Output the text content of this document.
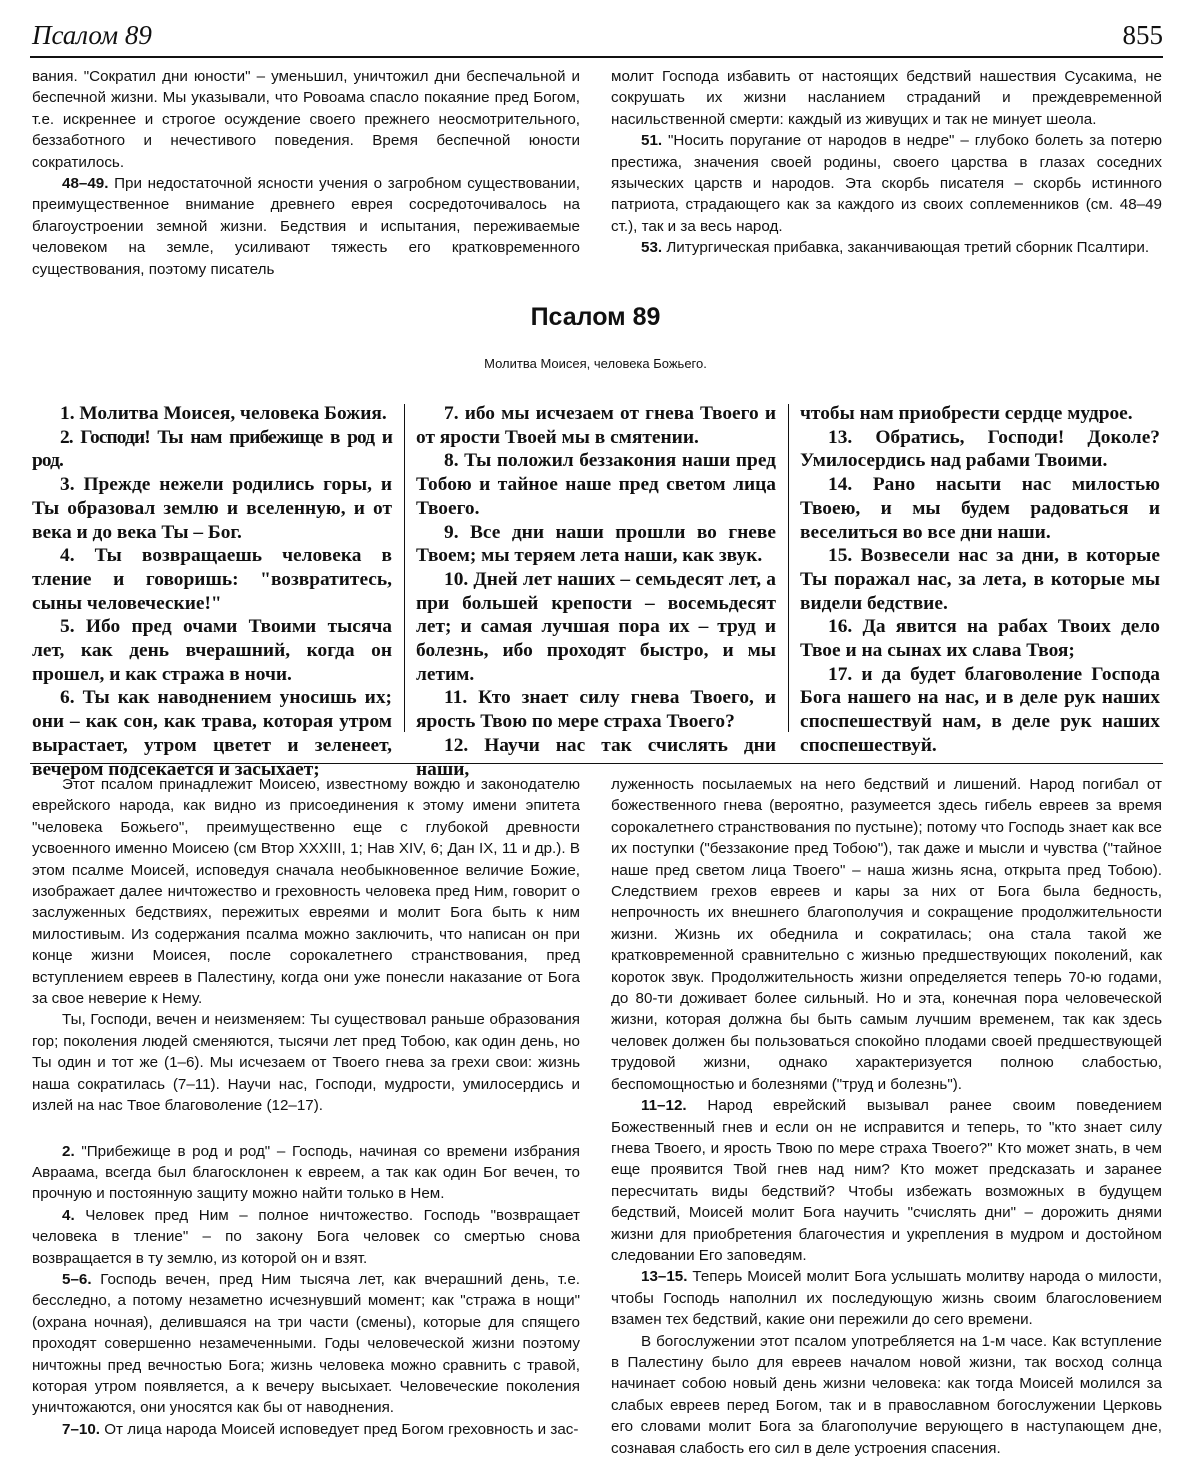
Псалом 89	855

вания. "Сократил дни юности" – уменьшил, уничтожил дни беспечальной и беспечной жизни. Мы указывали, что Ровоама спасло покаяние пред Богом, т.е. искреннее и строгое осуждение своего прежнего неосмотрительного, беззаботного и нечестивого поведения. Время беспечной юности сократилось.

48–49. При недостаточной ясности учения о загробном существовании, преимущественное внимание древнего еврея сосредоточивалось на благоустроении земной жизни. Бедствия и испытания, переживаемые человеком на земле, усиливают тяжесть его кратковременного существования, поэтому писатель

молит Господа избавить от настоящих бедствий нашествия Сусакима, не сокрушать их жизни насланием страданий и преждевременной насильственной смерти: каждый из живущих и так не минует шеола.

51. "Носить поругание от народов в недре" – глубоко болеть за потерю престижа, значения своей родины, своего царства в глазах соседних языческих царств и народов. Эта скорбь писателя – скорбь истинного патриота, страдающего как за каждого из своих соплеменников (см. 48–49 ст.), так и за весь народ.

53. Литургическая прибавка, заканчивающая третий сборник Псалтири.

Псалом 89
Молитва Моисея, человека Божьего.

1. Молитва Моисея, человека Божия.

2. Господи! Ты нам прибежище в род и род.

3. Прежде нежели родились горы, и Ты образовал землю и вселенную, и от века и до века Ты – Бог.

4. Ты возвращаешь человека в тление и говоришь: "возвратитесь, сыны человеческие!"

5. Ибо пред очами Твоими тысяча лет, как день вчерашний, когда он прошел, и как стража в ночи.

6. Ты как наводнением уносишь их; они – как сон, как трава, которая утром вырастает, утром цветет и зеленеет, вечером подсекается и засыхает;

7. ибо мы исчезаем от гнева Твоего и от ярости Твоей мы в смятении.

8. Ты положил беззакония наши пред Тобою и тайное наше пред светом лица Твоего.

9. Все дни наши прошли во гневе Твоем; мы теряем лета наши, как звук.

10. Дней лет наших – семьдесят лет, а при большей крепости – восемьдесят лет; и самая лучшая пора их – труд и болезнь, ибо проходят быстро, и мы летим.

11. Кто знает силу гнева Твоего, и ярость Твою по мере страха Твоего?

12. Научи нас так счислять дни наши,

чтобы нам приобрести сердце мудрое.

13. Обратись, Господи! Доколе? Умилосердись над рабами Твоими.

14. Рано насыти нас милостью Твоею, и мы будем радоваться и веселиться во все дни наши.

15. Возвесели нас за дни, в которые Ты поражал нас, за лета, в которые мы видели бедствие.

16. Да явится на рабах Твоих дело Твое и на сынах их слава Твоя;

17. и да будет благоволение Господа Бога нашего на нас, и в деле рук наших споспешествуй нам, в деле рук наших споспешествуй.

Этот псалом принадлежит Моисею, известному вождю и законодателю еврейского народа, как видно из присоединения к этому имени эпитета "человека Божьего", преимущественно еще с глубокой древности усвоенного именно Моисею (см Втор XXXIII, 1; Нав XIV, 6; Дан IX, 11 и др.). В этом псалме Моисей, исповедуя сначала необыкновенное величие Божие, изображает далее ничтожество и греховность человека пред Ним, говорит о заслуженных бедствиях, пережитых евреями и молит Бога быть к ним милостивым. Из содержания псалма можно заключить, что написан он при конце жизни Моисея, после сорокалетнего странствования, пред вступлением евреев в Палестину, когда они уже понесли наказание от Бога за свое неверие к Нему.

Ты, Господи, вечен и неизменяем: Ты существовал раньше образования гор; поколения людей сменяются, тысячи лет пред Тобою, как один день, но Ты один и тот же (1–6). Мы исчезаем от Твоего гнева за грехи свои: жизнь наша сократилась (7–11). Научи нас, Господи, мудрости, умилосердись и излей на нас Твое благоволение (12–17).

2. "Прибежище в род и род" – Господь, начиная со времени избрания Авраама, всегда был благосклонен к евреем, а так как один Бог вечен, то прочную и постоянную защиту можно найти только в Нем.

4. Человек пред Ним – полное ничтожество. Господь "возвращает человека в тление" – по закону Бога человек со смертью снова возвращается в ту землю, из которой он и взят.

5–6. Господь вечен, пред Ним тысяча лет, как вчерашний день, т.е. бесследно, а потому незаметно исчезнувший момент; как "стража в нощи" (охрана ночная), делившаяся на три части (смены), которые для спящего проходят совершенно незамеченными. Годы человеческой жизни поэтому ничтожны пред вечностью Бога; жизнь человека можно сравнить с травой, которая утром появляется, а к вечеру высыхает. Человеческие поколения уничтожаются, они уносятся как бы от наводнения.

7–10. От лица народа Моисей исповедует пред Богом греховность и зас-

луженность посылаемых на него бедствий и лишений. Народ погибал от божественного гнева (вероятно, разумеется здесь гибель евреев за время сорокалетнего странствования по пустыне); потому что Господь знает как все их поступки ("беззаконие пред Тобою"), так даже и мысли и чувства ("тайное наше пред светом лица Твоего" – наша жизнь ясна, открыта пред Тобою). Следствием грехов евреев и кары за них от Бога была бедность, непрочность их внешнего благополучия и сокращение продолжительности жизни. Жизнь их обеднила и сократилась; она стала такой же кратковременной сравнительно с жизнью предшествующих поколений, как короток звук. Продолжительность жизни определяется теперь 70-ю годами, до 80-ти доживает более сильный. Но и эта, конечная пора человеческой жизни, которая должна бы быть самым лучшим временем, так как здесь человек должен бы пользоваться спокойно плодами своей предшествующей трудовой жизни, однако характеризуется полною слабостью, беспомощностью и болезнями ("труд и болезнь").

11–12. Народ еврейский вызывал ранее своим поведением Божественный гнев и если он не исправится и теперь, то "кто знает силу гнева Твоего, и ярость Твою по мере страха Твоего?" Кто может знать, в чем еще проявится Твой гнев над ним? Кто может предсказать и заранее пересчитать виды бедствий? Чтобы избежать возможных в будущем бедствий, Моисей молит Бога научить "счислять дни" – дорожить днями жизни для приобретения благочестия и укрепления в мудром и достойном следовании Его заповедям.

13–15. Теперь Моисей молит Бога услышать молитву народа о милости, чтобы Господь наполнил их последующую жизнь своим благословением взамен тех бедствий, какие они пережили до сего времени.

В богослужении этот псалом употребляется на 1-м часе. Как вступление в Палестину было для евреев началом новой жизни, так восход солнца начинает собою новый день жизни человека: как тогда Моисей молился за слабых евреев перед Богом, так и в православном богослужении Церковь его словами молит Бога за благополучие верующего в наступающем дне, сознавая слабость его сил в деле устроения спасения.
